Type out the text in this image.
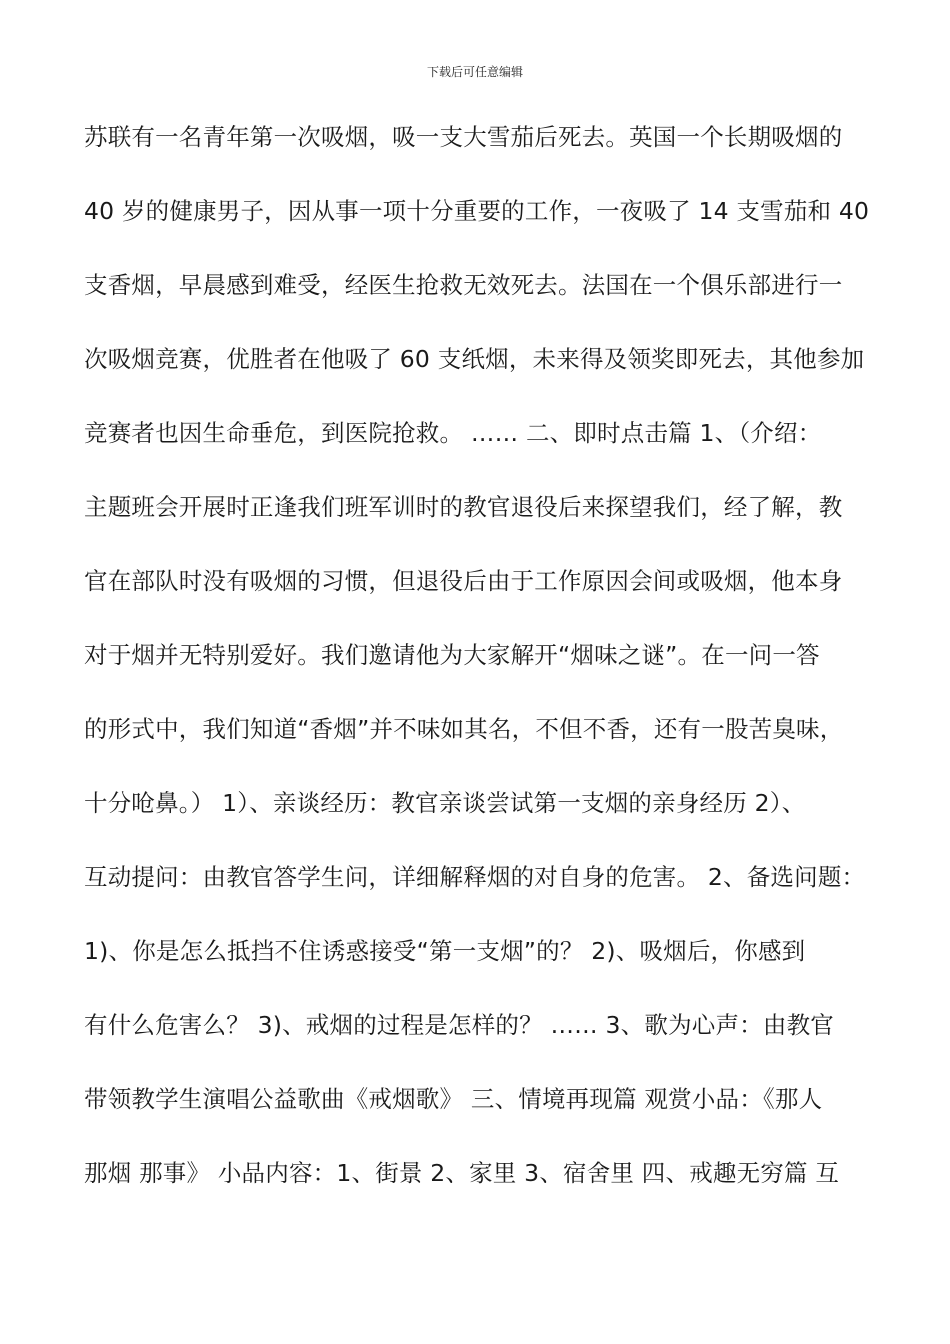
下载后可任意编辑
苏联有一名青年第一次吸烟，吸一支大雪茄后死去。英国一个长期吸烟的
40 岁的健康男子，因从事一项十分重要的工作，一夜吸了 14 支雪茄和 40
支香烟，早晨感到难受，经医生抢救无效死去。法国在一个俱乐部进行一
次吸烟竞赛，优胜者在他吸了 60 支纸烟，未来得及领奖即死去，其他参加
竞赛者也因生命垂危，到医院抢救。 …… 二、即时点击篇 1、（介绍：
主题班会开展时正逢我们班军训时的教官退役后来探望我们，经了解，教
官在部队时没有吸烟的习惯，但退役后由于工作原因会间或吸烟，他本身
对于烟并无特别爱好。我们邀请他为大家解开“烟味之谜”。在一问一答
的形式中，我们知道“香烟”并不味如其名，不但不香，还有一股苦臭味，
十分呛鼻。） 1）、亲谈经历：教官亲谈尝试第一支烟的亲身经历 2）、
互动提问：由教官答学生问，详细解释烟的对自身的危害。 2、备选问题：
1)、你是怎么抵挡不住诱惑接受“第一支烟”的？ 2)、吸烟后，你感到
有什么危害么？ 3)、戒烟的过程是怎样的？ …… 3、歌为心声：由教官
带领教学生演唱公益歌曲《戒烟歌》 三、情境再现篇 观赏小品：《那人
那烟 那事》 小品内容：1、街景 2、家里 3、宿舍里 四、戒趣无穷篇 互
